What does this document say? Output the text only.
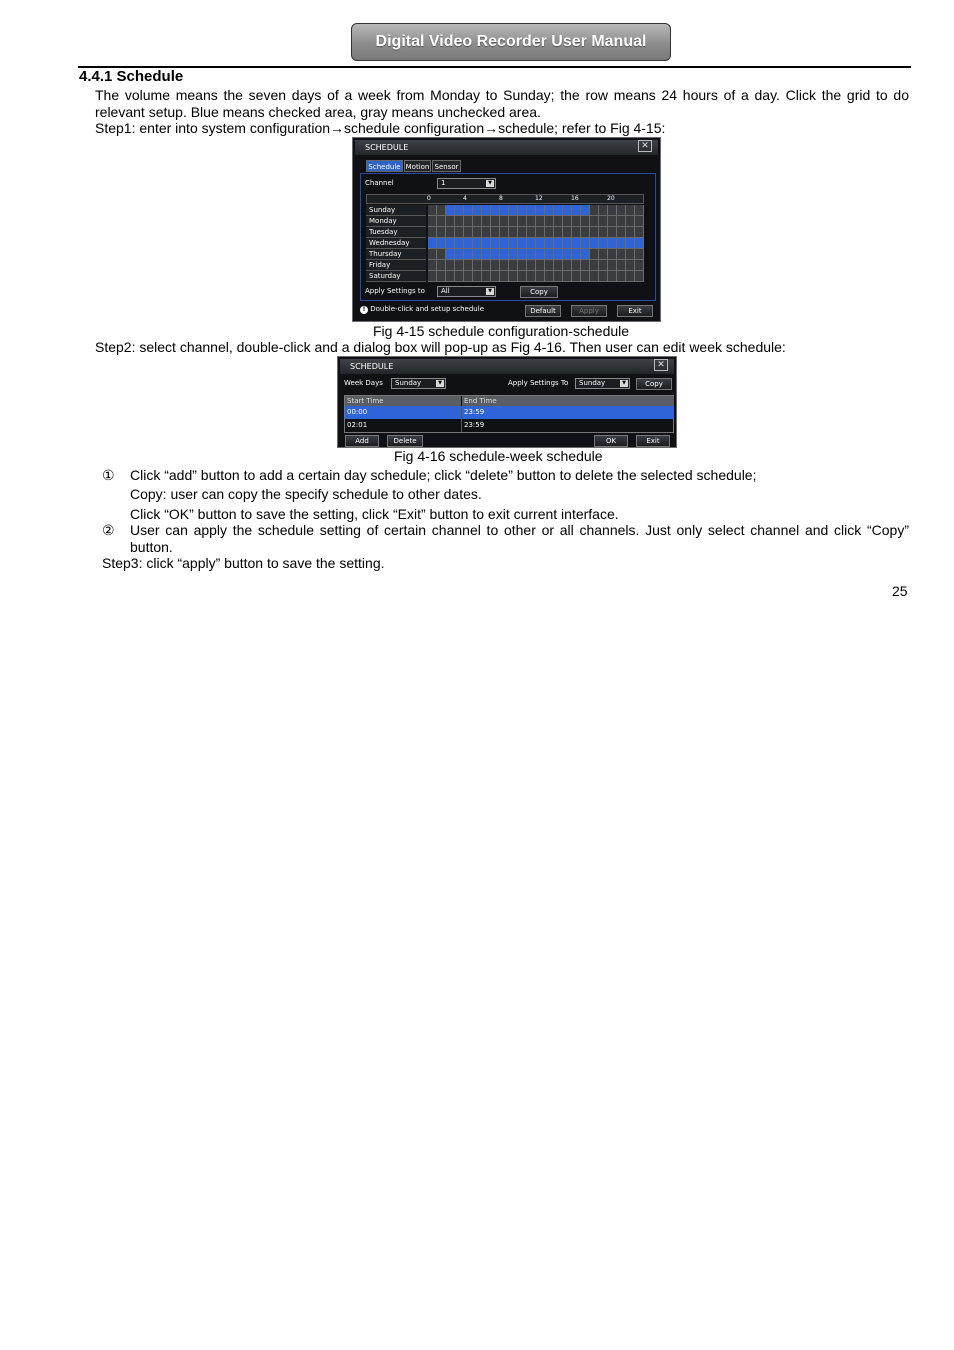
Digital Video Recorder User Manual
4.4.1 Schedule
The volume means the seven days of a week from Monday to Sunday; the row means 24 hours of a day. Click the grid to do relevant setup. Blue means checked area, gray means unchecked area.
Step1: enter into system configuration→schedule configuration→schedule; refer to Fig 4-15:
SCHEDULE	✕
Schedule Motion Sensor
Channel	1	▼
Apply Settings to	All	▼	Copy
! Double-click and setup schedule	Default	Apply	Exit
0	4	8	12	16	20
Sunday
Monday
Tuesday
Wednesday
Thursday
Friday
Saturday
Fig 4-15 schedule configuration-schedule
Step2: select channel, double-click and a dialog box will pop-up as Fig 4-16. Then user can edit week schedule:
SCHEDULE	✕
Week Days	Sunday	▼	Apply Settings To	Sunday	▼	Copy
Start Time	End Time
00:00	23:59
02:01	23:59
Add	Delete	OK	Exit
Fig 4-16 schedule-week schedule
① Click “add” button to add a certain day schedule; click “delete” button to delete the selected schedule;
Copy: user can copy the specify schedule to other dates.
Click “OK” button to save the setting, click “Exit” button to exit current interface.
② User can apply the schedule setting of certain channel to other or all channels. Just only select channel and click “Copy” button.
Step3: click “apply” button to save the setting.
25
